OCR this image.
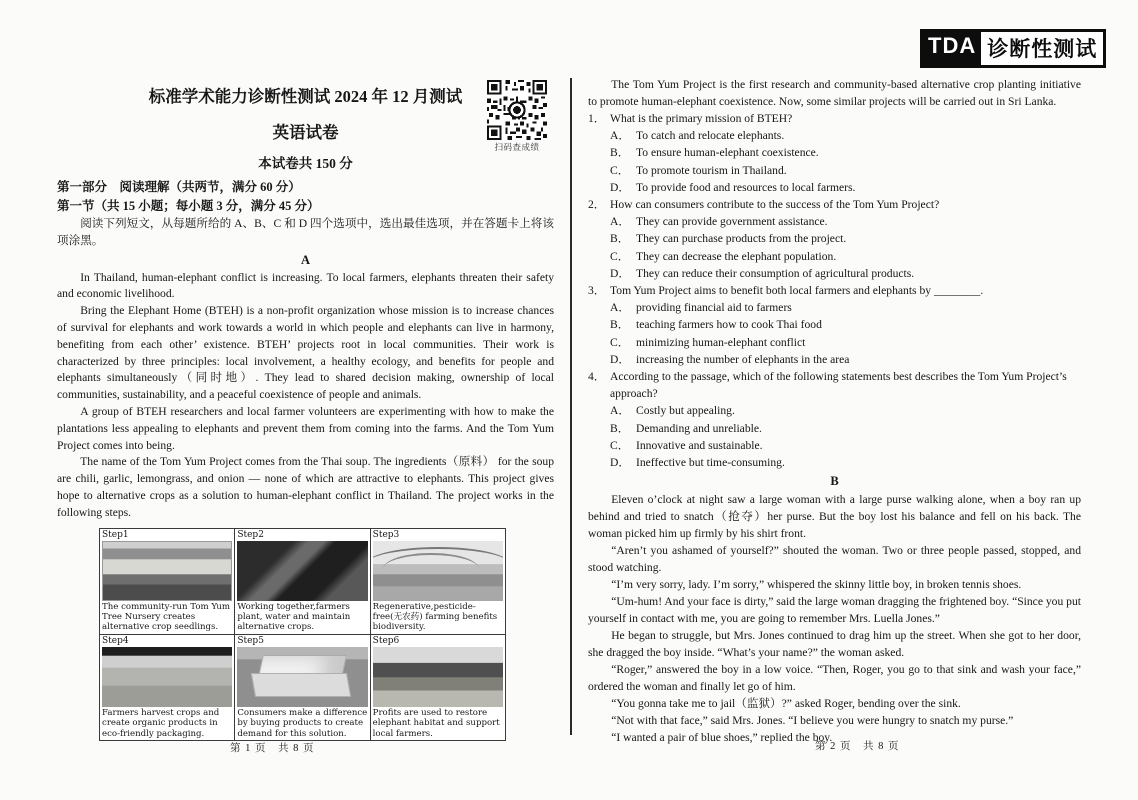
TDA 诊断性测试
扫码查成绩
标准学术能力诊断性测试 2024 年 12 月测试
英语试卷
本试卷共 150 分
第一部分　阅读理解（共两节，满分 60 分）
第一节（共 15 小题；每小题 3 分，满分 45 分）
阅读下列短文，从每题所给的 A、B、C 和 D 四个选项中，选出最佳选项，并在答题卡上将该项涂黑。
A
In Thailand, human-elephant conflict is increasing. To local farmers, elephants threaten their safety and economic livelihood.
Bring the Elephant Home (BTEH) is a non-profit organization whose mission is to increase chances of survival for elephants and work towards a world in which people and elephants can live in harmony, benefiting from each other’ existence. BTEH’ projects root in local communities. Their work is characterized by three principles: local involvement, a healthy ecology, and benefits for people and elephants simultaneously（同时地）. They lead to shared decision making, ownership of local communities, sustainability, and a peaceful coexistence of people and animals.
A group of BTEH researchers and local farmer volunteers are experimenting with how to make the plantations less appealing to elephants and prevent them from coming into the farms. And the Tom Yum Project comes into being.
The name of the Tom Yum Project comes from the Thai soup. The ingredients（原料） for the soup are chili, garlic, lemongrass, and onion — none of which are attractive to elephants. This project gives hope to alternative crops as a solution to human-elephant conflict in Thailand. The project works in the following steps.
Step1
The community-run Tom Yum Tree Nursery creates alternative crop seedlings.

Step2
Working together,farmers plant, water and maintain alternative crops.

Step3
Regenerative,pesticide-free(无农药) farming benefits biodiversity.

Step4
Farmers harvest crops and create organic products in eco-friendly packaging.

Step5
Consumers make a difference by buying products to create demand for this solution.

Step6
Profits are used to restore elephant habitat and support local farmers.
第 1 页　共 8 页
The Tom Yum Project is the first research and community-based alternative crop planting initiative to promote human-elephant coexistence. Now, some similar projects will be carried out in Sri Lanka.
1． What is the primary mission of BTEH?
A． To catch and relocate elephants.
B． To ensure human-elephant coexistence.
C． To promote tourism in Thailand.
D． To provide food and resources to local farmers.
2． How can consumers contribute to the success of the Tom Yum Project?
A． They can provide government assistance.
B． They can purchase products from the project.
C． They can decrease the elephant population.
D． They can reduce their consumption of agricultural products.
3． Tom Yum Project aims to benefit both local farmers and elephants by ________.
A． providing financial aid to farmers
B． teaching farmers how to cook Thai food
C． minimizing human-elephant conflict
D． increasing the number of elephants in the area
4． According to the passage, which of the following statements best describes the Tom Yum Project’s approach?
A． Costly but appealing.
B． Demanding and unreliable.
C． Innovative and sustainable.
D． Ineffective but time-consuming.
B
Eleven o’clock at night saw a large woman with a large purse walking alone, when a boy ran up behind and tried to snatch（抢夺）her purse. But the boy lost his balance and fell on his back. The woman picked him up firmly by his shirt front.
“Aren’t you ashamed of yourself?” shouted the woman. Two or three people passed, stopped, and stood watching.
“I’m very sorry, lady. I’m sorry,” whispered the skinny little boy, in broken tennis shoes.
“Um-hum! And your face is dirty,” said the large woman dragging the frightened boy. “Since you put yourself in contact with me, you are going to remember Mrs. Luella Jones.”
He began to struggle, but Mrs. Jones continued to drag him up the street. When she got to her door, she dragged the boy inside. “What’s your name?” the woman asked.
“Roger,” answered the boy in a low voice. “Then, Roger, you go to that sink and wash your face,” ordered the woman and finally let go of him.
“You gonna take me to jail（监狱）?” asked Roger, bending over the sink.
“Not with that face,” said Mrs. Jones. “I believe you were hungry to snatch my purse.”
“I wanted a pair of blue shoes,” replied the boy.
第 2 页　共 8 页
